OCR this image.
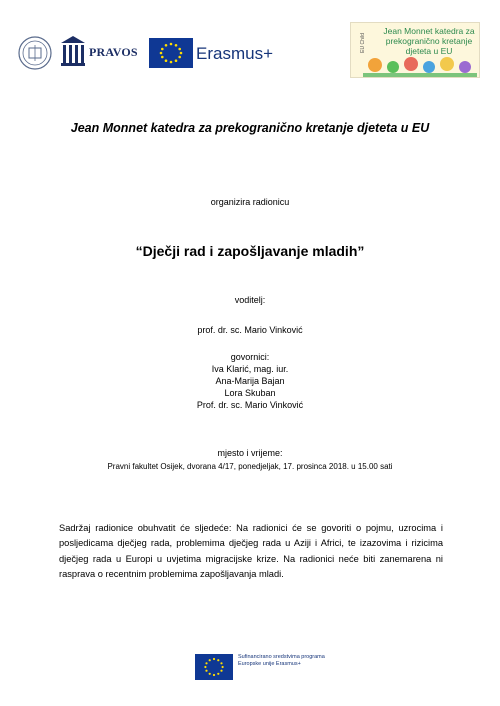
PRAVOS	Erasmus+
EU Child
Jean Monnet katedra za prekogranično kretanje djeteta u EU
Jean Monnet katedra za prekogranično kretanje djeteta u EU
organizira radionicu
“Dječji rad i zapošljavanje mladih”
voditelj:
prof. dr. sc. Mario Vinković
govornici:
Iva Klarić, mag. iur.
Ana-Marija Bajan
Lora Skuban
Prof. dr. sc. Mario Vinković
mjesto i vrijeme:
Pravni fakultet Osijek, dvorana 4/17, ponedjeljak, 17. prosinca 2018. u 15.00 sati
Sadržaj radionice obuhvatit će sljedeće: Na radionici će se govoriti o pojmu, uzrocima i posljedicama dječjeg rada, problemima dječjeg rada u Aziji i Africi, te izazovima i rizicima dječjeg rada u Europi u uvjetima migracijske krize. Na radionici neće biti zanemarena ni rasprava o recentnim problemima zapošljavanja mladi.
Sufinancirano sredstvima programa Europske unije Erasmus+
